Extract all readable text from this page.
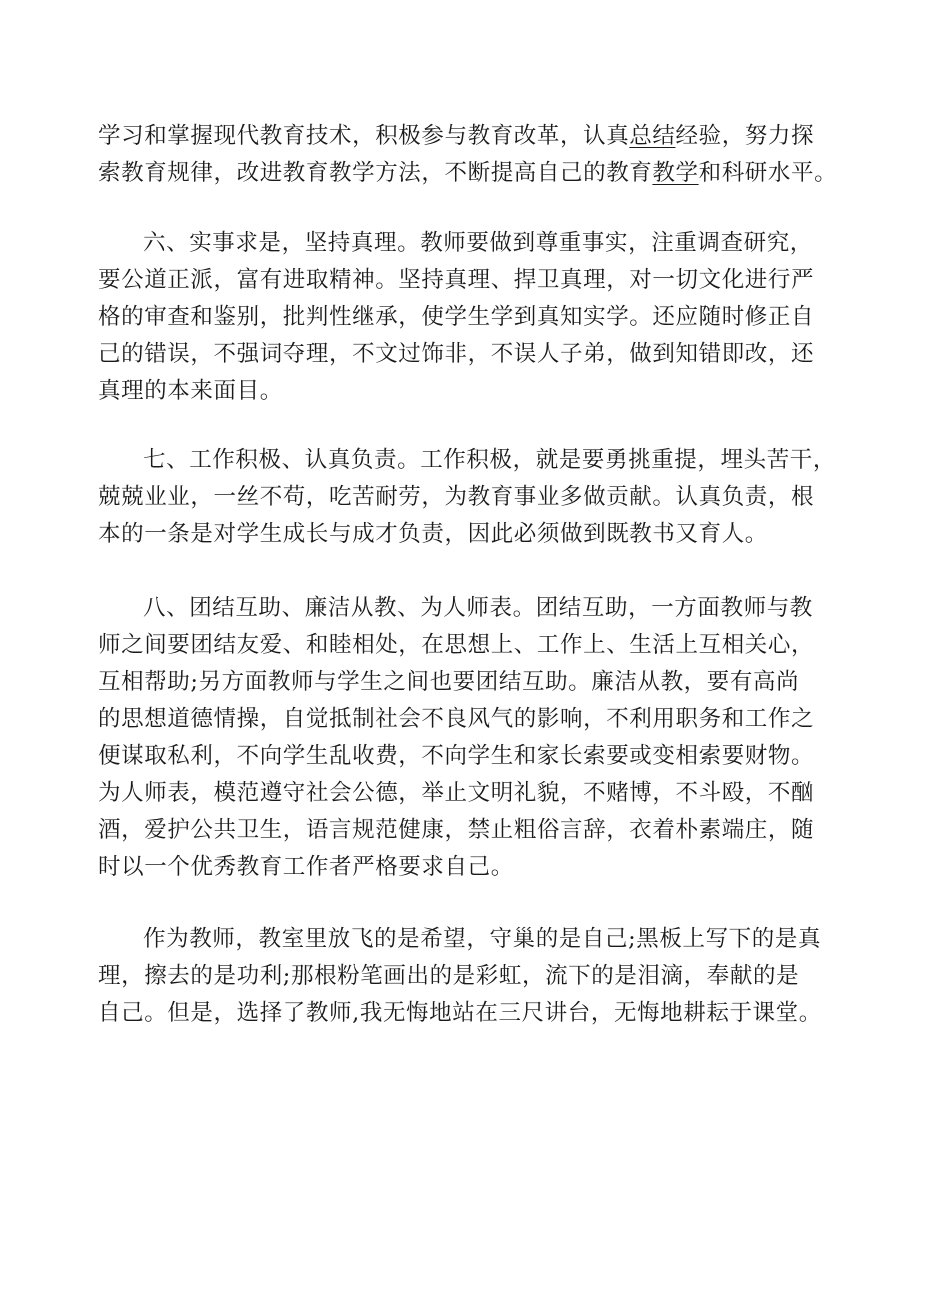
学习和掌握现代教育技术，积极参与教育改革，认真总结经验，努力探
索教育规律，改进教育教学方法，不断提高自己的教育教学和科研水平。

六、实事求是，坚持真理。教师要做到尊重事实，注重调查研究，
要公道正派，富有进取精神。坚持真理、捍卫真理，对一切文化进行严
格的审查和鉴别，批判性继承，使学生学到真知实学。还应随时修正自
己的错误，不强词夺理，不文过饰非，不误人子弟，做到知错即改，还
真理的本来面目。

七、工作积极、认真负责。工作积极，就是要勇挑重提，埋头苦干，
兢兢业业，一丝不苟，吃苦耐劳，为教育事业多做贡献。认真负责，根
本的一条是对学生成长与成才负责，因此必须做到既教书又育人。

八、团结互助、廉洁从教、为人师表。团结互助，一方面教师与教
师之间要团结友爱、和睦相处，在思想上、工作上、生活上互相关心，
互相帮助;另方面教师与学生之间也要团结互助。廉洁从教，要有高尚
的思想道德情操，自觉抵制社会不良风气的影响，不利用职务和工作之
便谋取私利，不向学生乱收费，不向学生和家长索要或变相索要财物。
为人师表，模范遵守社会公德，举止文明礼貌，不赌博，不斗殴，不酗
酒，爱护公共卫生，语言规范健康，禁止粗俗言辞，衣着朴素端庄，随
时以一个优秀教育工作者严格要求自己。

作为教师，教室里放飞的是希望，守巢的是自己;黑板上写下的是真
理，擦去的是功利;那根粉笔画出的是彩虹，流下的是泪滴，奉献的是
自己。但是，选择了教师,我无悔地站在三尺讲台，无悔地耕耘于课堂。
